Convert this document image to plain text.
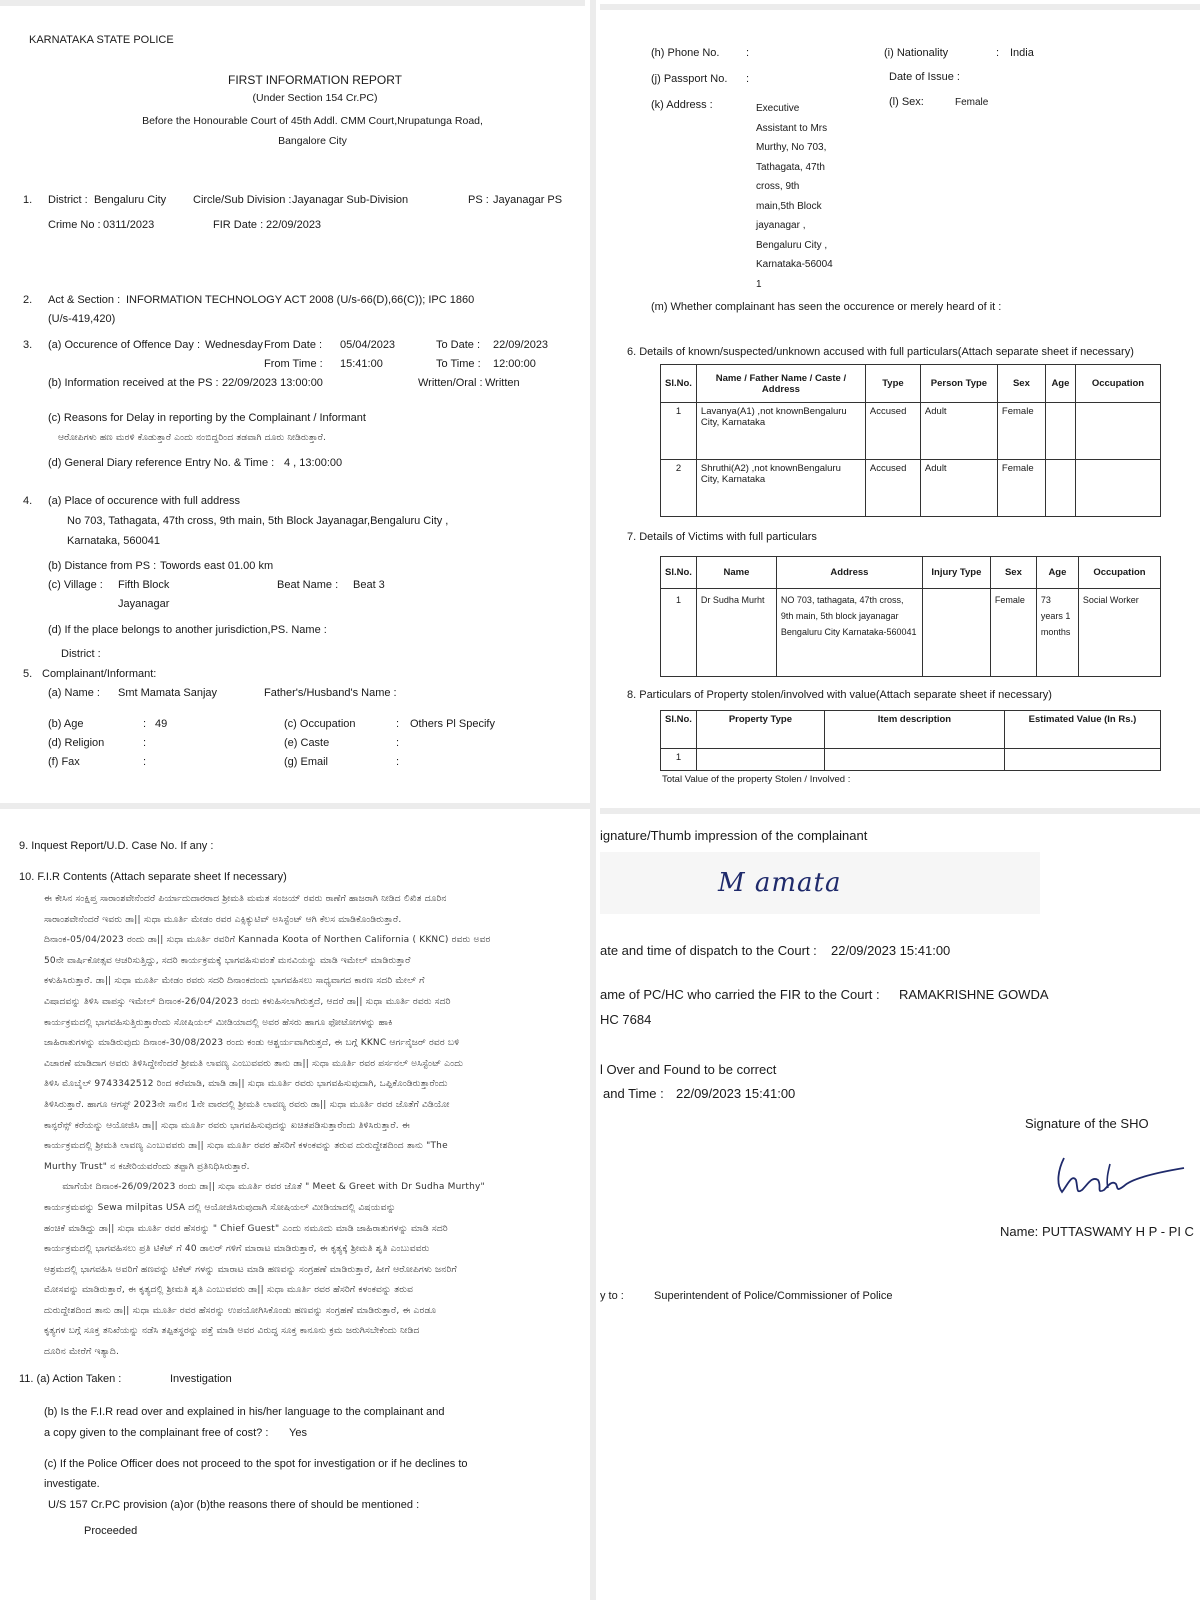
KARNATAKA STATE POLICE
FIRST INFORMATION REPORT
(Under Section 154 Cr.PC)
Before the Honourable Court of 45th Addl. CMM Court,Nrupatunga Road,
Bangalore City
1. District : Bengaluru City Circle/Sub Division : Jayanagar Sub-Division	PS : Jayanagar PS
Crime No : 0311/2023	FIR Date : 22/09/2023
2. Act & Section : INFORMATION TECHNOLOGY ACT 2008 (U/s-66(D),66(C)); IPC 1860
(U/s-419,420)
3. (a) Occurence of Offence Day : Wednesday From Date : 05/04/2023	To Date : 22/09/2023
From Time : 15:41:00	To Time : 12:00:00
(b) Information received at the PS : 22/09/2023 13:00:00	Written/Oral : Written
(c) Reasons for Delay in reporting by the Complainant / Informant
ಆರೋಪಿಗಳು ಹಣ ಮರಳಿ ಕೊಡುತ್ತಾರೆ ಎಂದು ನಂಬಿದ್ದರಿಂದ ತಡವಾಗಿ ದೂರು ನೀಡಿರುತ್ತಾರೆ.
(d) General Diary reference Entry No. & Time : 4 , 13:00:00
4. (a) Place of occurence with full address
No 703, Tathagata, 47th cross, 9th main, 5th Block Jayanagar,Bengaluru City ,
Karnataka, 560041
(b) Distance from PS : Towords east 01.00 km
(c) Village : Fifth Block
Jayanagar
Beat Name : Beat 3
(d) If the place belongs to another jurisdiction,PS. Name :
District :
5. Complainant/Informant:
(a) Name : Smt Mamata Sanjay	Father's/Husband's Name :
(b) Age	: 49
(d) Religion	:
(f) Fax	:
(c) Occupation	: Others Pl Specify
(e) Caste	:
(g) Email	:
(h) Phone No. :
(j) Passport No. :
(k) Address :	Executive
Assistant to Mrs
Murthy, No 703,
Tathagata, 47th
cross, 9th
main,5th Block
jayanagar ,
Bengaluru City ,
Karnataka-56004
1
(i) Nationality	: India
Date of Issue :
(l) Sex:	Female
(m) Whether complainant has seen the occurence or merely heard of it :
6. Details of known/suspected/unknown accused with full particulars(Attach separate sheet if necessary)
Sl.No.	Name / Father Name / Caste / Address	Type	Person Type	Sex	Age	Occupation
1	Lavanya(A1) ,not knownBengaluru City, Karnataka	Accused	Adult	Female		
2	Shruthi(A2) ,not knownBengaluru City, Karnataka	Accused	Adult	Female		
7. Details of Victims with full particulars
Sl.No.	Name	Address	Injury Type	Sex	Age	Occupation
1	Dr Sudha Murht	NO 703, tathagata, 47th cross, 9th main, 5th block jayanagar Bengaluru City Karnataka-560041		Female	73 years 1 months	Social Worker
8. Particulars of Property stolen/involved with value(Attach separate sheet if necessary)
Sl.No.	Property Type	Item description	Estimated Value (In Rs.)
1			
Total Value of the property Stolen / Involved :
9. Inquest Report/U.D. Case No. If any :
10. F.I.R Contents (Attach separate sheet If necessary)
ಈ ಕೇಸಿನ ಸಂಕ್ಷಿಪ್ತ ಸಾರಾಂಶವೇನೆಂದರೆ ಪಿರ್ಯಾದುದಾರರಾದ ಶ್ರೀಮತಿ ಮಮತ ಸಂಜಯ್ ರವರು ಠಾಣೆಗೆ ಹಾಜರಾಗಿ ನೀಡಿದ ಲಿಖಿತ ದೂರಿನ
ಸಾರಾಂಶವೇನೆಂದರೆ ಇವರು ಡಾ|| ಸುಧಾ ಮೂರ್ತಿ ಮೇಡಂ ರವರ ಎಕ್ಸಿಕ್ಯುಟಿವ್ ಅಸಿಸ್ಟೆಂಟ್ ಆಗಿ ಕೆಲಸ ಮಾಡಿಕೊಂಡಿರುತ್ತಾರೆ.
ದಿನಾಂಕ-05/04/2023 ರಂದು ಡಾ|| ಸುಧಾ ಮೂರ್ತಿ ರವರಿಗೆ Kannada Koota of Northen California ( KKNC) ರವರು ಅವರ
50ನೇ ವಾರ್ಷಿಕೋತ್ಸವ ಆಚರಿಸುತ್ತಿದ್ದು, ಸದರಿ ಕಾರ್ಯಕ್ರಮಕ್ಕೆ ಭಾಗವಹಿಸುವಂತೆ ಮನವಿಯನ್ನು ಮಾಡಿ ಇಮೇಲ್ ಮಾಡಿರುತ್ತಾರೆ
ಕಳುಹಿಸಿರುತ್ತಾರೆ. ಡಾ|| ಸುಧಾ ಮೂರ್ತಿ ಮೇಡಂ ರವರು ಸದರಿ ದಿನಾಂಕದಂದು ಭಾಗವಹಿಸಲು ಸಾಧ್ಯವಾಗದ ಕಾರಣ ಸದರಿ ಮೇಲ್ ಗೆ
ವಿಷಾದವನ್ನು ತಿಳಿಸಿ ವಾಪಸ್ಸು ಇಮೇಲ್ ದಿನಾಂಕ-26/04/2023 ರಂದು ಕಳುಹಿಸಲಾಗಿರುತ್ತದೆ, ಆದರೆ ಡಾ|| ಸುಧಾ ಮೂರ್ತಿ ರವರು ಸದರಿ
ಕಾರ್ಯಕ್ರಮದಲ್ಲಿ ಭಾಗವಹಿಸುತ್ತಿರುತ್ತಾರೆಂದು ಸೋಷಿಯಲ್ ಮೀಡಿಯಾದಲ್ಲಿ ಅವರ ಹೆಸರು ಹಾಗೂ ಫೋಟೋಗಳನ್ನು ಹಾಕಿ
ಜಾಹಿರಾತುಗಳನ್ನು ಮಾಡಿರುವುದು ದಿನಾಂಕ-30/08/2023 ರಂದು ಕಂಡು ಆಶ್ಚರ್ಯವಾಗಿರುತ್ತದೆ, ಈ ಬಗ್ಗೆ KKNC ಆರ್ಗನೈಜರ್ ರವರ ಬಳಿ
ವಿಚಾರಣೆ ಮಾಡಿದಾಗ ಅವರು ತಿಳಿಸಿದ್ದೇನೆಂದರೆ ಶ್ರೀಮತಿ ಲಾವಣ್ಯ ಎಂಬುವವರು ತಾನು ಡಾ|| ಸುಧಾ ಮೂರ್ತಿ ರವರ ಪರ್ಸನಲ್ ಅಸಿಸ್ಟೆಂಟ್ ಎಂದು
ತಿಳಿಸಿ ಮೊಬೈಲ್ 9743342512 ರಿಂದ ಕರೆಮಾಡಿ, ಮಾಡಿ ಡಾ|| ಸುಧಾ ಮೂರ್ತಿ ರವರು ಭಾಗವಹಿಸುವುದಾಗಿ, ಒಪ್ಪಿಕೊಂಡಿರುತ್ತಾರೆಂದು
ತಿಳಿಸಿರುತ್ತಾರೆ. ಹಾಗೂ ಆಗಸ್ಟ್ 2023ನೇ ಸಾಲಿನ 1ನೇ ವಾರದಲ್ಲಿ ಶ್ರೀಮತಿ ಲಾವಣ್ಯ ರವರು ಡಾ|| ಸುಧಾ ಮೂರ್ತಿ ರವರ ಜೊತೆಗೆ ವಿಡಿಯೋ
ಕಾನ್ಫರೆನ್ಸ್ ಕರೆಯನ್ನು ಆಯೋಜಿಸಿ ಡಾ|| ಸುಧಾ ಮೂರ್ತಿ ರವರು ಭಾಗವಹಿಸುವುದನ್ನು ಖಚಿತಪಡಿಸುತ್ತಾರೆಂದು ತಿಳಿಸಿರುತ್ತಾರೆ. ಈ
ಕಾರ್ಯಕ್ರಮದಲ್ಲಿ ಶ್ರೀಮತಿ ಲಾವಣ್ಯ ಎಂಬುವವರು ಡಾ|| ಸುಧಾ ಮೂರ್ತಿ ರವರ ಹೆಸರಿಗೆ ಕಳಂಕವನ್ನು ತರುವ ದುರುದ್ದೇಶದಿಂದ ತಾನು "The
Murthy Trust" ನ ಕಚೇರಿಯವರೆಂದು ತಪ್ಪಾಗಿ ಪ್ರತಿನಿಧಿಸಿರುತ್ತಾರೆ.
ಮಾಗೆಯೇ ದಿನಾಂಕ-26/09/2023 ರಂದು ಡಾ|| ಸುಧಾ ಮೂರ್ತಿ ರವರ ಜೊತೆ " Meet & Greet with Dr Sudha Murthy"
ಕಾರ್ಯಕ್ರಮವನ್ನು Sewa milpitas USA ದಲ್ಲಿ ಆಯೋಜಿಸಿರುವುದಾಗಿ ಸೋಷಿಯಲ್ ಮೀಡಿಯಾದಲ್ಲಿ ವಿಷಯವನ್ನು
ಹಂಚಿಕೆ ಮಾಡಿದ್ದು ಡಾ|| ಸುಧಾ ಮೂರ್ತಿ ರವರ ಹೆಸರನ್ನು " Chief Guest" ಎಂದು ನಮೂದು ಮಾಡಿ ಜಾಹಿರಾತುಗಳನ್ನು ಮಾಡಿ ಸದರಿ
ಕಾರ್ಯಕ್ರಮದಲ್ಲಿ ಭಾಗವಹಿಸಲು ಪ್ರತಿ ಟಿಕೆಟ್ ಗೆ 40 ಡಾಲರ್ ಗಳಿಗೆ ಮಾರಾಟ ಮಾಡಿರುತ್ತಾರೆ, ಈ ಕೃತ್ಯಕ್ಕೆ ಶ್ರೀಮತಿ ಶೃತಿ ಎಂಬುವವರು
ಆಶ್ರಮದಲ್ಲಿ ಭಾಗವಹಿಸಿ ಅವರಿಗೆ ಹಣವನ್ನು ಟಿಕೆಟ್ ಗಳನ್ನು ಮಾರಾಟ ಮಾಡಿ ಹಣವನ್ನು ಸಂಗ್ರಹಣೆ ಮಾಡಿರುತ್ತಾರೆ, ಹೀಗೆ ಆರೋಪಿಗಳು ಜನರಿಗೆ
ಮೋಸವನ್ನು ಮಾಡಿರುತ್ತಾರೆ, ಈ ಕೃತ್ಯದಲ್ಲಿ ಶ್ರೀಮತಿ ಶೃತಿ ಎಂಬುವವರು ಡಾ|| ಸುಧಾ ಮೂರ್ತಿ ರವರ ಹೆಸರಿಗೆ ಕಳಂಕವನ್ನು ತರುವ
ದುರುದ್ದೇಶದಿಂದ ತಾನು ಡಾ|| ಸುಧಾ ಮೂರ್ತಿ ರವರ ಹೆಸರನ್ನು ಉಪಯೋಗಿಸಿಕೊಂಡು ಹಣವನ್ನು ಸಂಗ್ರಹಣೆ ಮಾಡಿರುತ್ತಾರೆ, ಈ ಎರಡೂ
ಕೃತ್ಯಗಳ ಬಗ್ಗೆ ಸೂಕ್ತ ತನಿಖೆಯನ್ನು ನಡೆಸಿ ತಪ್ಪಿತಸ್ಥರನ್ನು ಪತ್ತೆ ಮಾಡಿ ಅವರ ವಿರುದ್ಧ ಸೂಕ್ತ ಕಾನೂನು ಕ್ರಮ ಜರುಗಿಸಬೇಕೆಂದು ನೀಡಿದ
ದೂರಿನ ಮೇರೆಗೆ ಇತ್ಯಾದಿ.
11. (a) Action Taken :	Investigation
(b) Is the F.I.R read over and explained in his/her language to the complainant and
a copy given to the complainant free of cost? : Yes
(c) If the Police Officer does not proceed to the spot for investigation or if he declines to
investigate.
U/S 157 Cr.PC provision (a)or (b)the reasons there of should be mentioned :
Proceeded
ignature/Thumb impression of the complainant
M amata
ate and time of dispatch to the Court : 22/09/2023 15:41:00
ame of PC/HC who carried the FIR to the Court : RAMAKRISHNE GOWDA
HC 7684
l Over and Found to be correct
and Time : 22/09/2023 15:41:00
Signature of the SHO
Name: PUTTASWAMY H P - PI C
y to :	Superintendent of Police/Commissioner of Police
